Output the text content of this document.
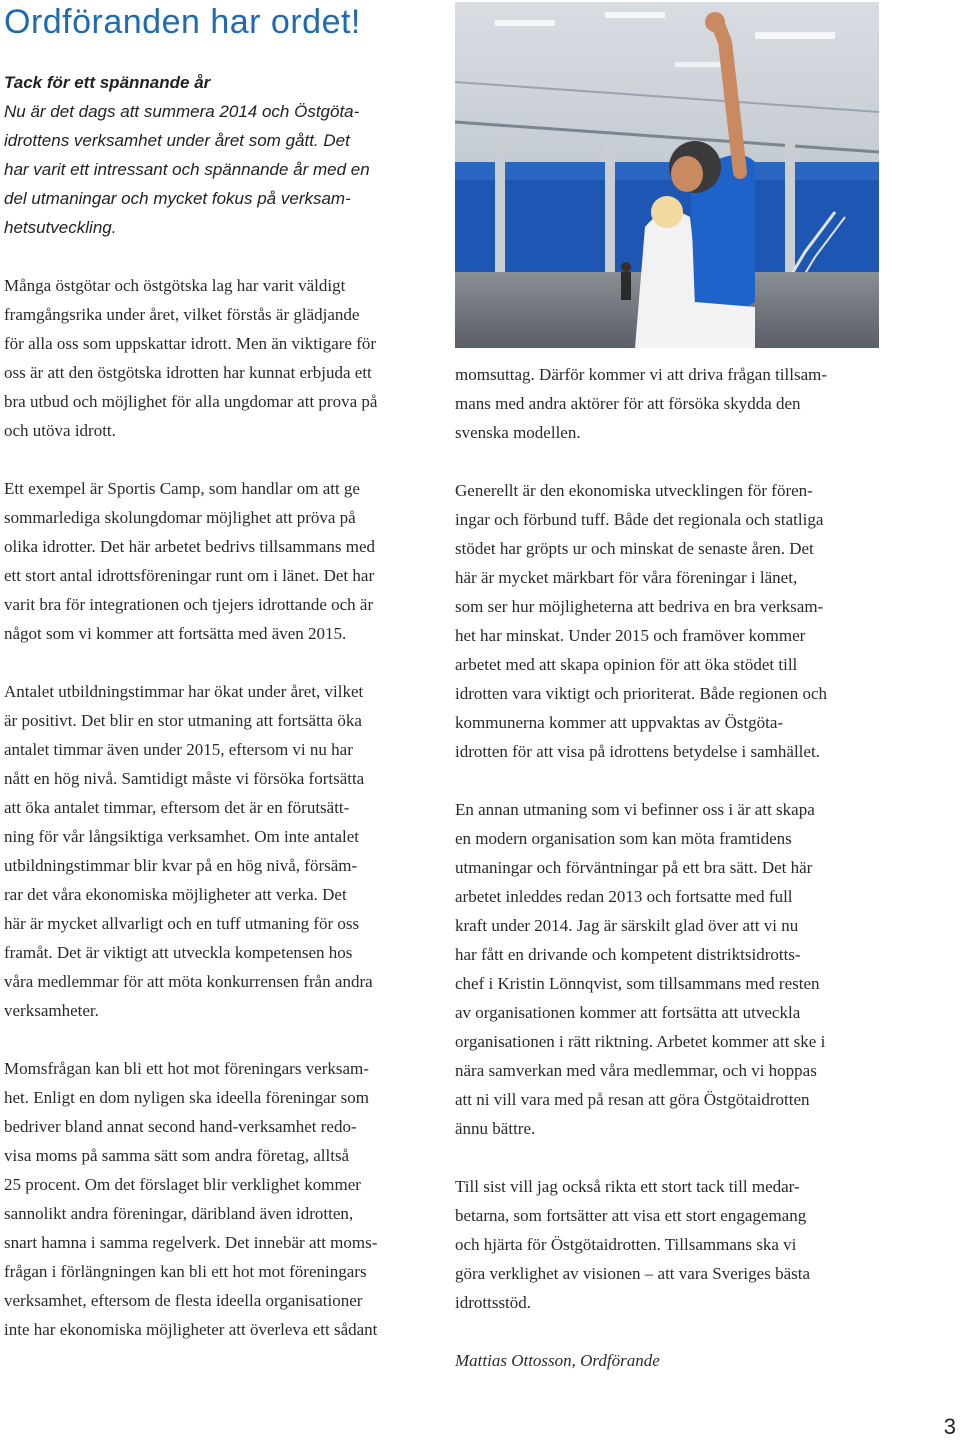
Ordföranden har ordet!
Tack för ett spännande år
Nu är det dags att summera 2014 och Östgöta-
idrottens verksamhet under året som gått. Det
har varit ett intressant och spännande år med en
del utmaningar och mycket fokus på verksam-
hetsutveckling.

Många östgötar och östgötska lag har varit väldigt
framgångsrika under året, vilket förstås är glädjande
för alla oss som uppskattar idrott. Men än viktigare för
oss är att den östgötska idrotten har kunnat erbjuda ett
bra utbud och möjlighet för alla ungdomar att prova på
och utöva idrott.

Ett exempel är Sportis Camp, som handlar om att ge
sommarlediga skolungdomar möjlighet att pröva på
olika idrotter. Det här arbetet bedrivs tillsammans med
ett stort antal idrottsföreningar runt om i länet. Det har
varit bra för integrationen och tjejers idrottande och är
något som vi kommer att fortsätta med även 2015.

Antalet utbildningstimmar har ökat under året, vilket
är positivt. Det blir en stor utmaning att fortsätta öka
antalet timmar även under 2015, eftersom vi nu har
nått en hög nivå. Samtidigt måste vi försöka fortsätta
att öka antalet timmar, eftersom det är en förutsätt-
ning för vår långsiktiga verksamhet. Om inte antalet
utbildningstimmar blir kvar på en hög nivå, försäm-
rar det våra ekonomiska möjligheter att verka. Det
här är mycket allvarligt och en tuff utmaning för oss
framåt. Det är viktigt att utveckla kompetensen hos
våra medlemmar för att möta konkurrensen från andra
verksamheter.

Momsfrågan kan bli ett hot mot föreningars verksam-
het. Enligt en dom nyligen ska ideella föreningar som
bedriver bland annat second hand-verksamhet redo-
visa moms på samma sätt som andra företag, alltså
25 procent. Om det förslaget blir verklighet kommer
sannolikt andra föreningar, däribland även idrotten,
snart hamna i samma regelverk. Det innebär att moms-
frågan i förlängningen kan bli ett hot mot föreningars
verksamhet, eftersom de flesta ideella organisationer
inte har ekonomiska möjligheter att överleva ett sådant

momsuttag. Därför kommer vi att driva frågan tillsam-
mans med andra aktörer för att försöka skydda den
svenska modellen.

Generellt är den ekonomiska utvecklingen för fören-
ingar och förbund tuff. Både det regionala och statliga
stödet har gröpts ur och minskat de senaste åren. Det
här är mycket märkbart för våra föreningar i länet,
som ser hur möjligheterna att bedriva en bra verksam-
het har minskat. Under 2015 och framöver kommer
arbetet med att skapa opinion för att öka stödet till
idrotten vara viktigt och prioriterat. Både regionen och
kommunerna kommer att uppvaktas av Östgöta-
idrotten för att visa på idrottens betydelse i samhället.

En annan utmaning som vi befinner oss i är att skapa
en modern organisation som kan möta framtidens
utmaningar och förväntningar på ett bra sätt. Det här
arbetet inleddes redan 2013 och fortsatte med full
kraft under 2014. Jag är särskilt glad över att vi nu
har fått en drivande och kompetent distriktsidrotts-
chef i Kristin Lönnqvist, som tillsammans med resten
av organisationen kommer att fortsätta att utveckla
organisationen i rätt riktning. Arbetet kommer att ske i
nära samverkan med våra medlemmar, och vi hoppas
att ni vill vara med på resan att göra Östgötaidrotten
ännu bättre.

Till sist vill jag också rikta ett stort tack till medar-
betarna, som fortsätter att visa ett stort engagemang
och hjärta för Östgötaidrotten. Tillsammans ska vi
göra verklighet av visionen – att vara Sveriges bästa
idrottsstöd.

Mattias Ottosson, Ordförande

3
